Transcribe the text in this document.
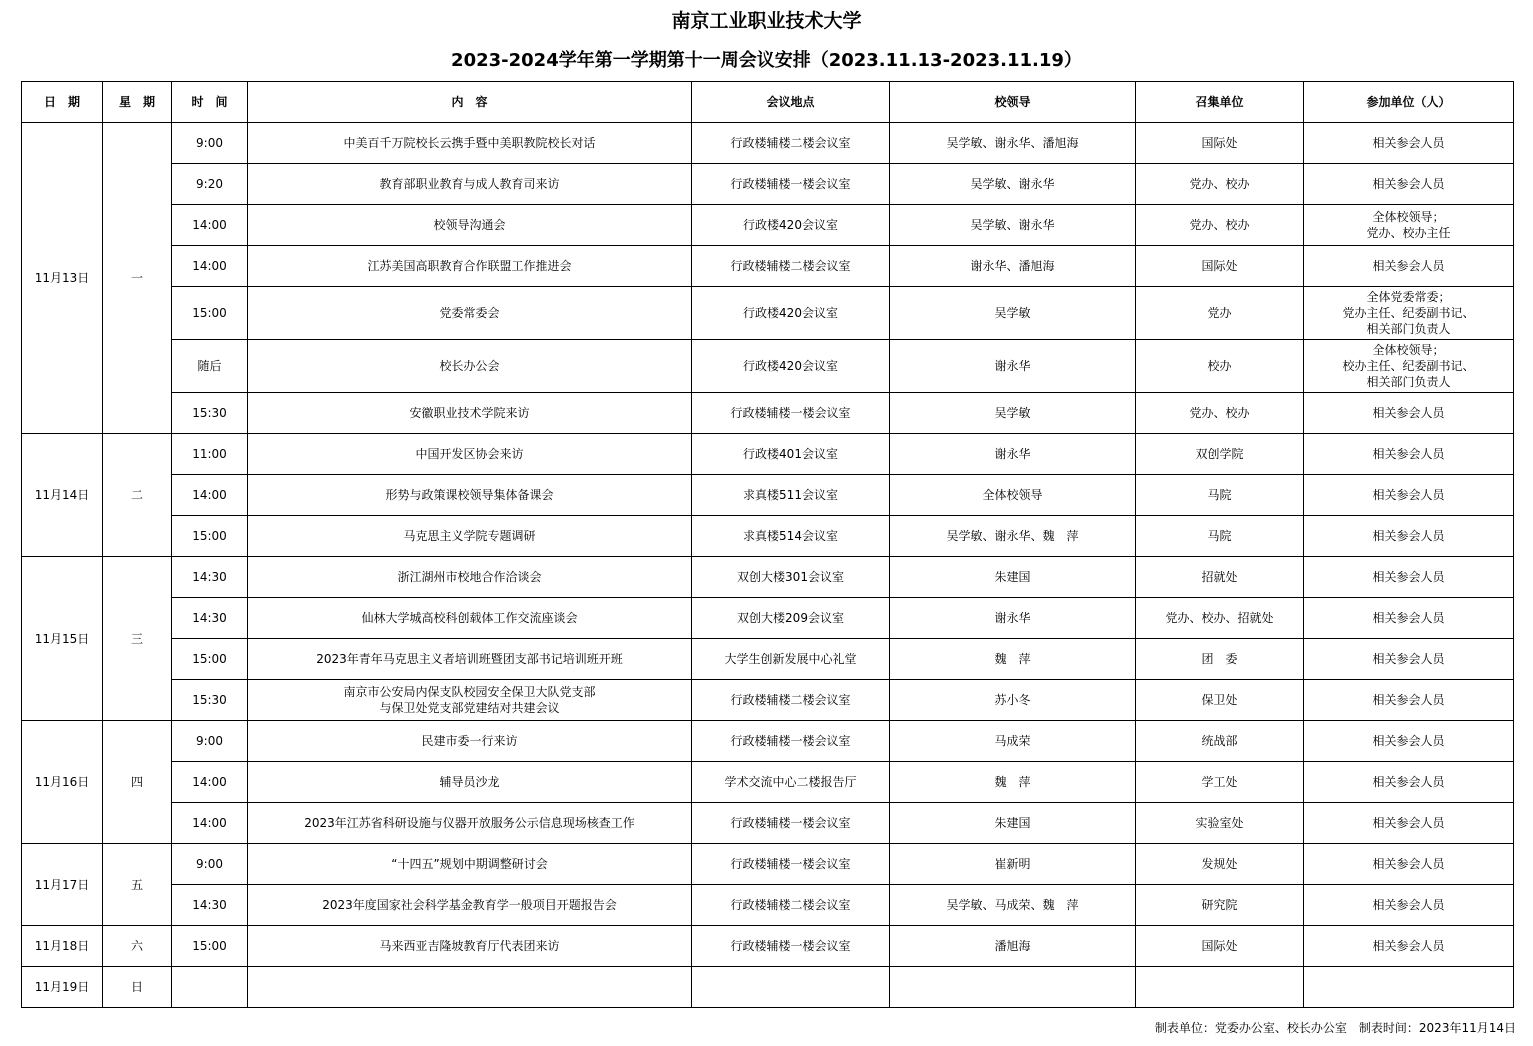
南京工业职业技术大学
2023-2024学年第一学期第十一周会议安排（2023.11.13-2023.11.19）
日　期	星　期	时　间	内　容	会议地点	校领导	召集单位	参加单位（人）
11月13日	一	9:00	中美百千万院校长云携手暨中美职教院校长对话	行政楼辅楼二楼会议室	吴学敏、谢永华、潘旭海	国际处	相关参会人员
		9:20	教育部职业教育与成人教育司来访	行政楼辅楼一楼会议室	吴学敏、谢永华	党办、校办	相关参会人员
		14:00	校领导沟通会	行政楼420会议室	吴学敏、谢永华	党办、校办	全体校领导；
党办、校办主任
		14:00	江苏美国高职教育合作联盟工作推进会	行政楼辅楼二楼会议室	谢永华、潘旭海	国际处	相关参会人员
		15:00	党委常委会	行政楼420会议室	吴学敏	党办	全体党委常委；
党办主任、纪委副书记、
相关部门负责人
		随后	校长办公会	行政楼420会议室	谢永华	校办	全体校领导；
校办主任、纪委副书记、
相关部门负责人
		15:30	安徽职业技术学院来访	行政楼辅楼一楼会议室	吴学敏	党办、校办	相关参会人员
11月14日	二	11:00	中国开发区协会来访	行政楼401会议室	谢永华	双创学院	相关参会人员
		14:00	形势与政策课校领导集体备课会	求真楼511会议室	全体校领导	马院	相关参会人员
		15:00	马克思主义学院专题调研	求真楼514会议室	吴学敏、谢永华、魏　萍	马院	相关参会人员
11月15日	三	14:30	浙江湖州市校地合作洽谈会	双创大楼301会议室	朱建国	招就处	相关参会人员
		14:30	仙林大学城高校科创载体工作交流座谈会	双创大楼209会议室	谢永华	党办、校办、招就处	相关参会人员
		15:00	2023年青年马克思主义者培训班暨团支部书记培训班开班	大学生创新发展中心礼堂	魏　萍	团　委	相关参会人员
		15:30	南京市公安局内保支队校园安全保卫大队党支部
与保卫处党支部党建结对共建会议	行政楼辅楼二楼会议室	苏小冬	保卫处	相关参会人员
11月16日	四	9:00	民建市委一行来访	行政楼辅楼一楼会议室	马成荣	统战部	相关参会人员
		14:00	辅导员沙龙	学术交流中心二楼报告厅	魏　萍	学工处	相关参会人员
		14:00	2023年江苏省科研设施与仪器开放服务公示信息现场核查工作	行政楼辅楼一楼会议室	朱建国	实验室处	相关参会人员
11月17日	五	9:00	“十四五”规划中期调整研讨会	行政楼辅楼一楼会议室	崔新明	发规处	相关参会人员
		14:30	2023年度国家社会科学基金教育学一般项目开题报告会	行政楼辅楼二楼会议室	吴学敏、马成荣、魏　萍	研究院	相关参会人员
11月18日	六	15:00	马来西亚吉隆坡教育厅代表团来访	行政楼辅楼一楼会议室	潘旭海	国际处	相关参会人员
11月19日	日						
制表单位：党委办公室、校长办公室　制表时间：2023年11月14日
